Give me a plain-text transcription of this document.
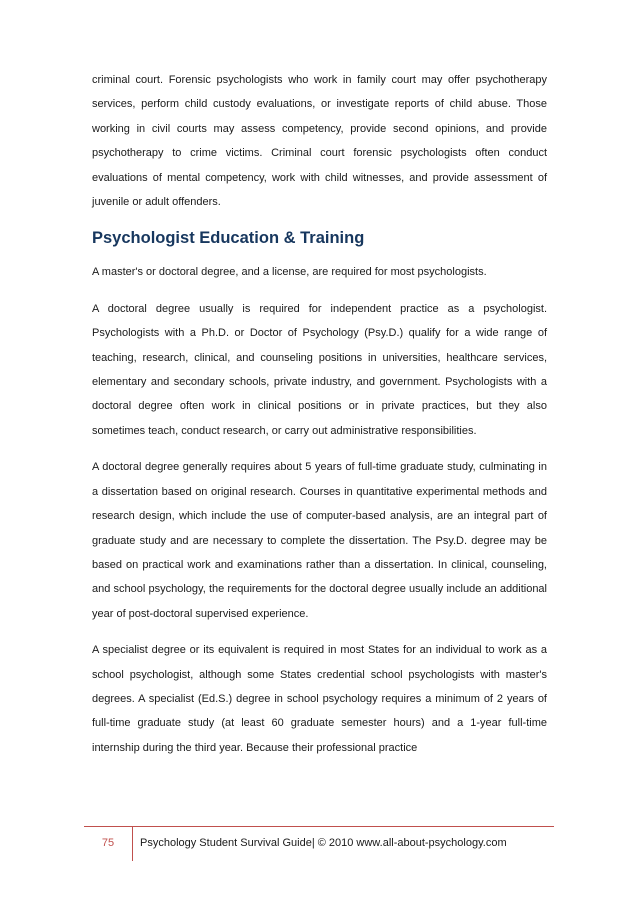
criminal court. Forensic psychologists who work in family court may offer psychotherapy services, perform child custody evaluations, or investigate reports of child abuse. Those working in civil courts may assess competency, provide second opinions, and provide psychotherapy to crime victims. Criminal court forensic psychologists often conduct evaluations of mental competency, work with child witnesses, and provide assessment of juvenile or adult offenders.

Psychologist Education & Training

A master's or doctoral degree, and a license, are required for most psychologists.

A doctoral degree usually is required for independent practice as a psychologist. Psychologists with a Ph.D. or Doctor of Psychology (Psy.D.) qualify for a wide range of teaching, research, clinical, and counseling positions in universities, healthcare services, elementary and secondary schools, private industry, and government. Psychologists with a doctoral degree often work in clinical positions or in private practices, but they also sometimes teach, conduct research, or carry out administrative responsibilities.

A doctoral degree generally requires about 5 years of full-time graduate study, culminating in a dissertation based on original research. Courses in quantitative experimental methods and research design, which include the use of computer-based analysis, are an integral part of graduate study and are necessary to complete the dissertation. The Psy.D. degree may be based on practical work and examinations rather than a dissertation. In clinical, counseling, and school psychology, the requirements for the doctoral degree usually include an additional year of post-doctoral supervised experience.

A specialist degree or its equivalent is required in most States for an individual to work as a school psychologist, although some States credential school psychologists with master's degrees. A specialist (Ed.S.) degree in school psychology requires a minimum of 2 years of full-time graduate study (at least 60 graduate semester hours) and a 1-year full-time internship during the third year. Because their professional practice

75	Psychology Student Survival Guide| © 2010 www.all-about-psychology.com
